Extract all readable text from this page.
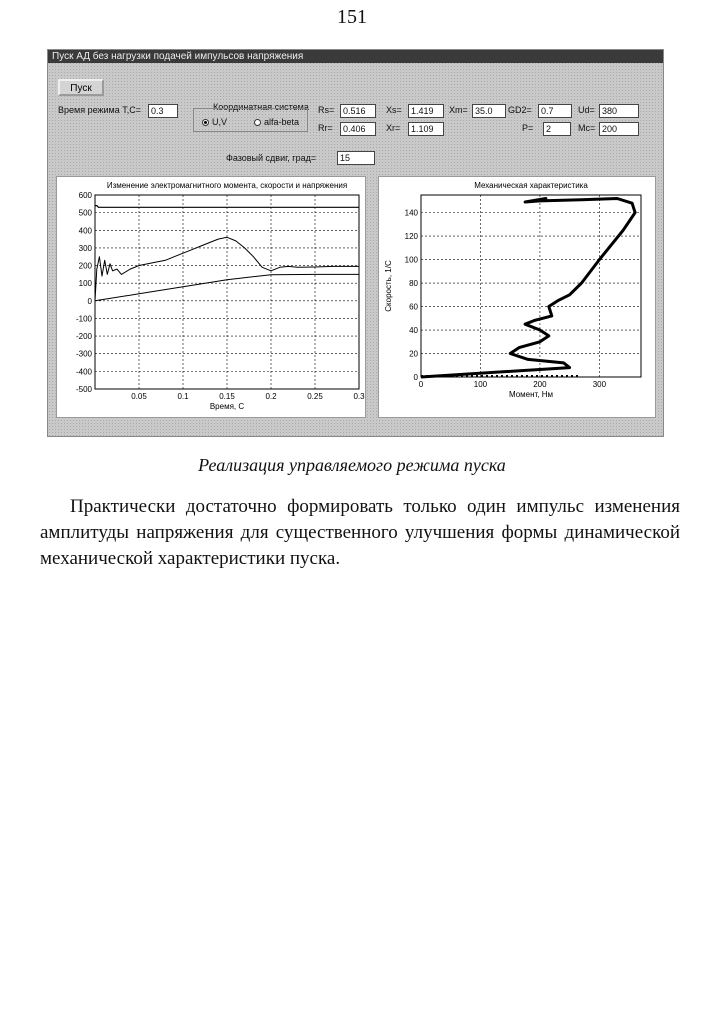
151
Пуск АД без нагрузки подачей импульсов напряжения
Пуск
Время режима Т,С=	0.3	Координатная система
U,V	alfa-beta
Rs= 0.516
Rr=	0.406
Xs=	1.419
Xr=	1.109
Xm= 35.0	GD2=	0.7
P=	2
Ud= 380
Mc= 200
Фазовый сдвиг, град=	15
Изменение электромагнитного момента, скорости и напряжения
0.05	0.1	0.15	0.2	0.25	0.3
600
500
400
300
200
100
0
-100
-200
-300
-400
-500
Время, С
Механическая характеристика
0	100	200	300
0
20
40
60
80
100
120
140
Момент, Нм
Скорость, 1/С
Реализация управляемого режима пуска
Практически достаточно формировать только один импульс изменения амплитуды напряжения для существенного улучшения формы динамической механической характеристики пуска.
